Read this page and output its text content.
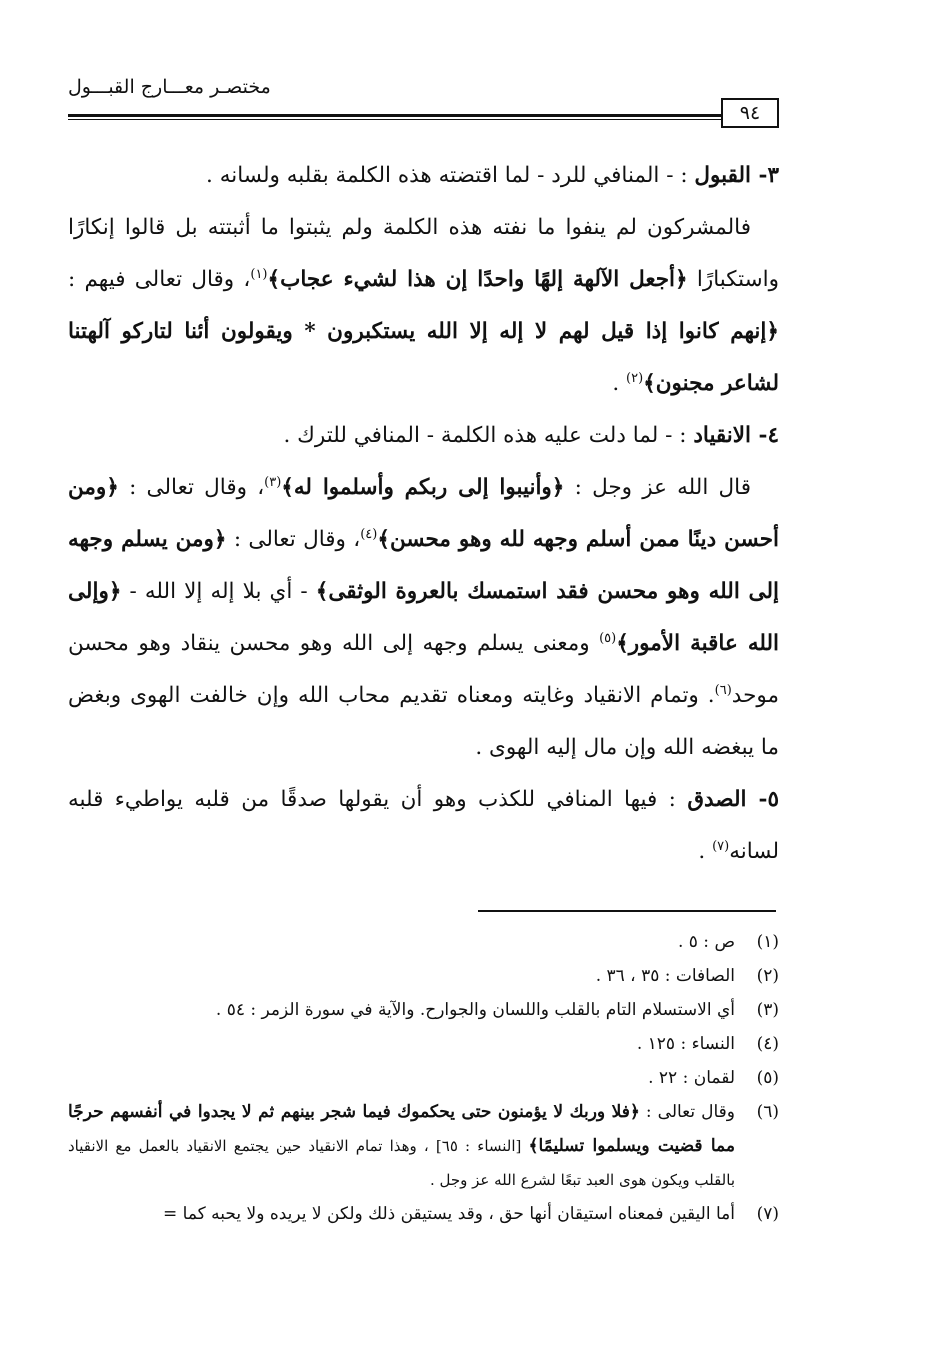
مختصـر معـــارج القبـــول
٩٤

٣- القبول : - المنافي للرد - لما اقتضته هذه الكلمة بقلبه ولسانه .

فالمشركون لم ينفوا ما نفته هذه الكلمة ولم يثبتوا ما أثبتته بل قالوا إنكارًا واستكبارًا ﴿أجعل الآلهة إلهًا واحدًا إن هذا لشيء عجاب﴾$^{(١)}$، وقال تعالى فيهم : ﴿إنهم كانوا إذا قيل لهم لا إله إلا الله يستكبرون * ويقولون أئنا لتاركو آلهتنا لشاعر مجنون﴾$^{(٢)}$ .

٤- الانقياد : - لما دلت عليه هذه الكلمة - المنافي للترك .

قال الله عز وجل : ﴿وأنيبوا إلى ربكم وأسلموا له﴾$^{(٣)}$، وقال تعالى : ﴿ومن أحسن دينًا ممن أسلم وجهه لله وهو محسن﴾$^{(٤)}$، وقال تعالى : ﴿ومن يسلم وجهه إلى الله وهو محسن فقد استمسك بالعروة الوثقى﴾ - أي بلا إله إلا الله - ﴿وإلى الله عاقبة الأمور﴾$^{(٥)}$ ومعنى يسلم وجهه إلى الله وهو محسن ينقاد وهو محسن موحد$^{(٦)}$. وتمام الانقياد وغايته ومعناه تقديم محاب الله وإن خالفت الهوى وبغض ما يبغضه الله وإن مال إليه الهوى .

٥- الصدق : فيها المنافي للكذب وهو أن يقولها صدقًا من قلبه يواطيء قلبه لسانه$^{(٧)}$ .

(١)
ص : ٥ .
(٢)
الصافات : ٣٥ ، ٣٦ .
(٣)
أي الاستسلام التام بالقلب واللسان والجوارح. والآية في سورة الزمر : ٥٤ .
(٤)
النساء : ١٢٥ .
(٥)
لقمان : ٢٢ .
(٦)
وقال تعالى : ﴿فلا وربك لا يؤمنون حتى يحكموك فيما شجر بينهم ثم لا يجدوا في أنفسهم حرجًا مما قضيت ويسلموا تسليمًا﴾ [النساء : ٦٥] ، وهذا تمام الانقياد حين يجتمع الانقياد بالعمل مع الانقياد بالقلب ويكون هوى العبد تبعًا لشرع الله عز وجل .
(٧)
أما اليقين فمعناه استيقان أنها حق ، وقد يستيقن ذلك ولكن لا يريده ولا يحبه كما =
